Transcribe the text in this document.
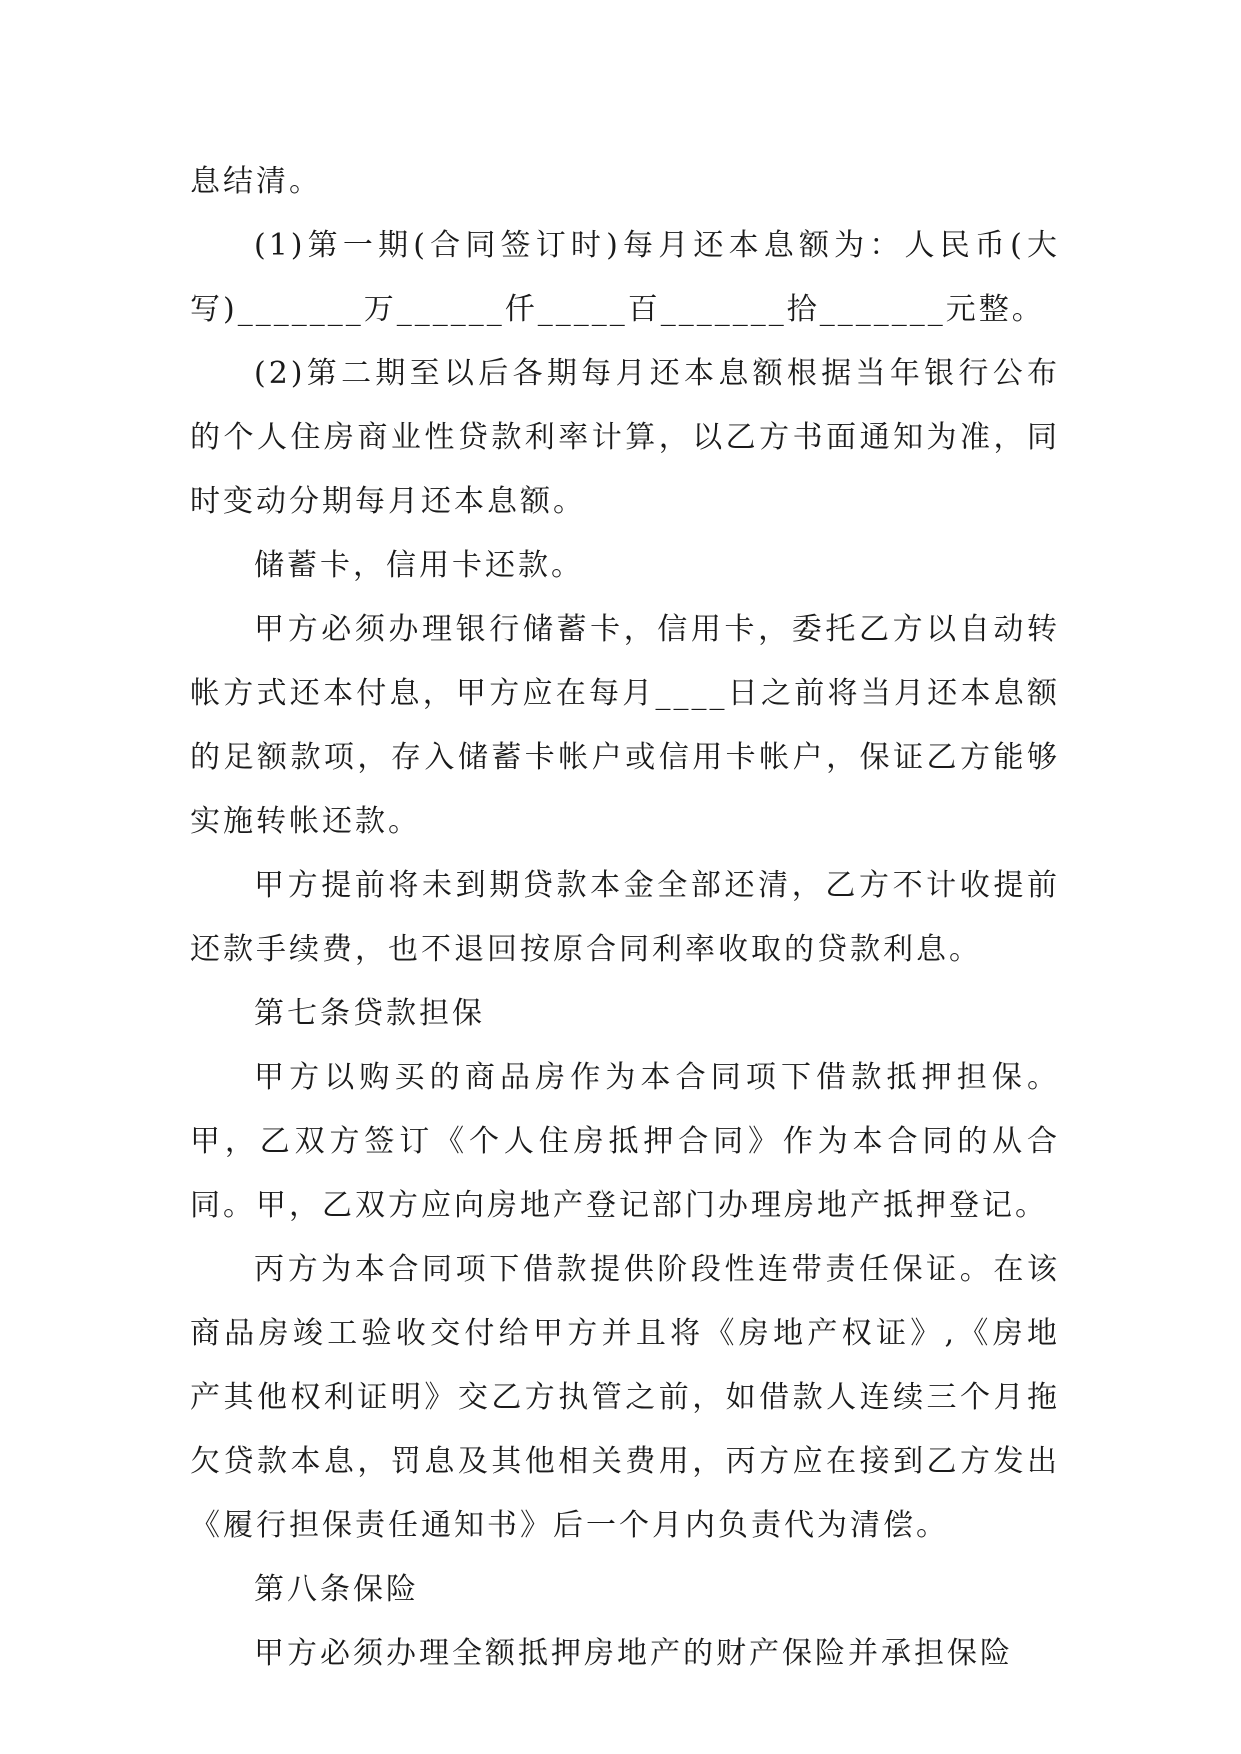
息结清。

(1)第一期(合同签订时)每月还本息额为：人民币(大写)_______万______仟_____百_______拾_______元整。

(2)第二期至以后各期每月还本息额根据当年银行公布的个人住房商业性贷款利率计算，以乙方书面通知为准，同时变动分期每月还本息额。

储蓄卡，信用卡还款。

甲方必须办理银行储蓄卡，信用卡，委托乙方以自动转帐方式还本付息，甲方应在每月____日之前将当月还本息额的足额款项，存入储蓄卡帐户或信用卡帐户，保证乙方能够实施转帐还款。

甲方提前将未到期贷款本金全部还清，乙方不计收提前还款手续费，也不退回按原合同利率收取的贷款利息。

第七条贷款担保

甲方以购买的商品房作为本合同项下借款抵押担保。甲，乙双方签订《个人住房抵押合同》作为本合同的从合同。甲，乙双方应向房地产登记部门办理房地产抵押登记。

丙方为本合同项下借款提供阶段性连带责任保证。在该商品房竣工验收交付给甲方并且将《房地产权证》,《房地产其他权利证明》交乙方执管之前，如借款人连续三个月拖欠贷款本息，罚息及其他相关费用，丙方应在接到乙方发出《履行担保责任通知书》后一个月内负责代为清偿。

第八条保险

甲方必须办理全额抵押房地产的财产保险并承担保险
